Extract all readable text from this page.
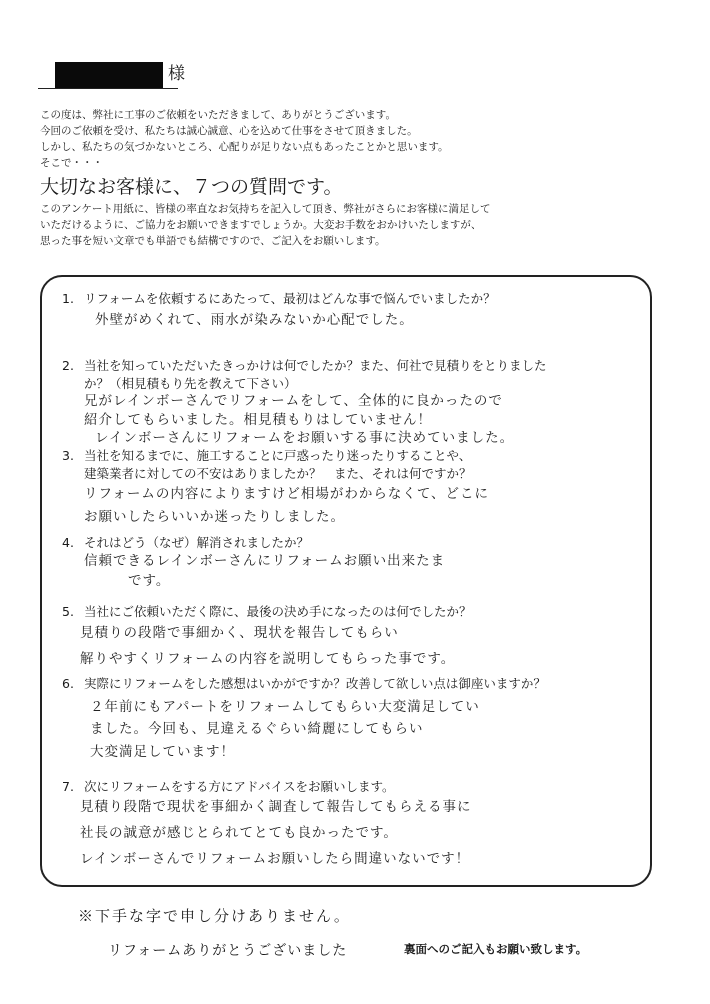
様
この度は、弊社に工事のご依頼をいただきまして、ありがとうございます。
今回のご依頼を受け、私たちは誠心誠意、心を込めて仕事をさせて頂きました。
しかし、私たちの気づかないところ、心配りが足りない点もあったことかと思います。
そこで・・・
大切なお客様に、７つの質問です。
このアンケート用紙に、皆様の率直なお気持ちを記入して頂き、弊社がさらにお客様に満足して
いただけるように、ご協力をお願いできますでしょうか。大変お手数をおかけいたしますが、
思った事を短い文章でも単語でも結構ですので、ご記入をお願いします。
1. リフォームを依頼するにあたって、最初はどんな事で悩んでいましたか？
外壁がめくれて、雨水が染みないか心配でした。
2. 当社を知っていただいたきっかけは何でしたか？また、何社で見積りをとりました
か？（相見積もり先を教えて下さい）
兄がレインボーさんでリフォームをして、全体的に良かったので
紹介してもらいました。相見積もりはしていません！
レインボーさんにリフォームをお願いする事に決めていました。
3. 当社を知るまでに、施工することに戸惑ったり迷ったりすることや、
建築業者に対しての不安はありましたか？　また、それは何ですか？
リフォームの内容によりますけど相場がわからなくて、どこに
お願いしたらいいか迷ったりしました。
4. それはどう（なぜ）解消されましたか？
信頼できるレインボーさんにリフォームお願い出来たま
です。
5. 当社にご依頼いただく際に、最後の決め手になったのは何でしたか？
見積りの段階で事細かく、現状を報告してもらい
解りやすくリフォームの内容を説明してもらった事です。
6. 実際にリフォームをした感想はいかがですか？改善して欲しい点は御座いますか？
２年前にもアパートをリフォームしてもらい大変満足してい
ました。今回も、見違えるぐらい綺麗にしてもらい
大変満足しています！
7. 次にリフォームをする方にアドバイスをお願いします。
見積り段階で現状を事細かく調査して報告してもらえる事に
社長の誠意が感じとられてとても良かったです。
レインボーさんでリフォームお願いしたら間違いないです！
※下手な字で申し分けありません。
リフォームありがとうございました	裏面へのご記入もお願い致します。
